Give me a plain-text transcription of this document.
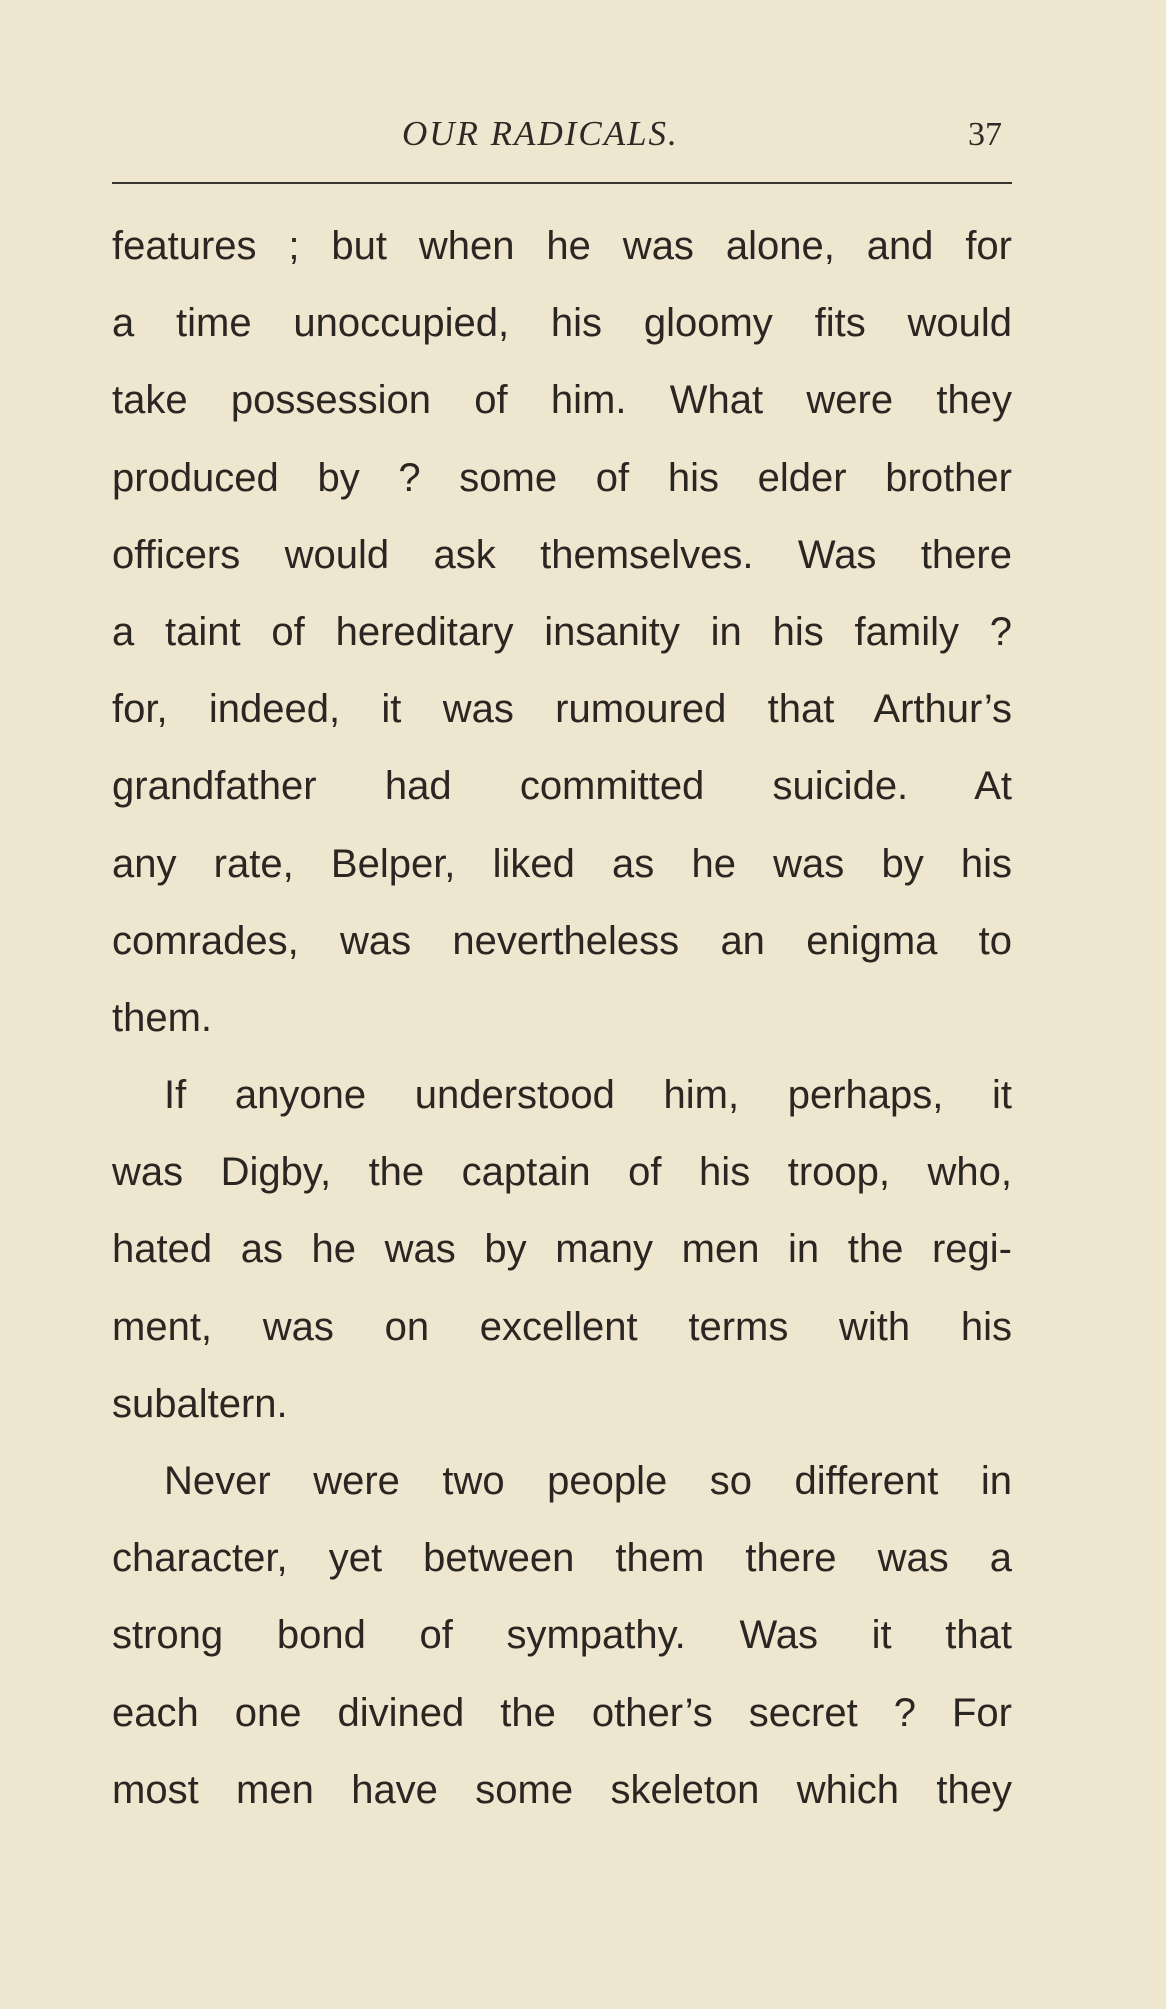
OUR RADICALS.	37
features ; but when he was alone, and for
a time unoccupied, his gloomy fits would
take possession of him. What were they
produced by ? some of his elder brother
officers would ask themselves. Was there
a taint of hereditary insanity in his family ?
for, indeed, it was rumoured that Arthur’s
grandfather had committed suicide. At
any rate, Belper, liked as he was by his
comrades, was nevertheless an enigma to
them.
If anyone understood him, perhaps, it
was Digby, the captain of his troop, who,
hated as he was by many men in the regi-
ment, was on excellent terms with his
subaltern.
Never were two people so different in
character, yet between them there was a
strong bond of sympathy. Was it that
each one divined the other’s secret ? For
most men have some skeleton which they
